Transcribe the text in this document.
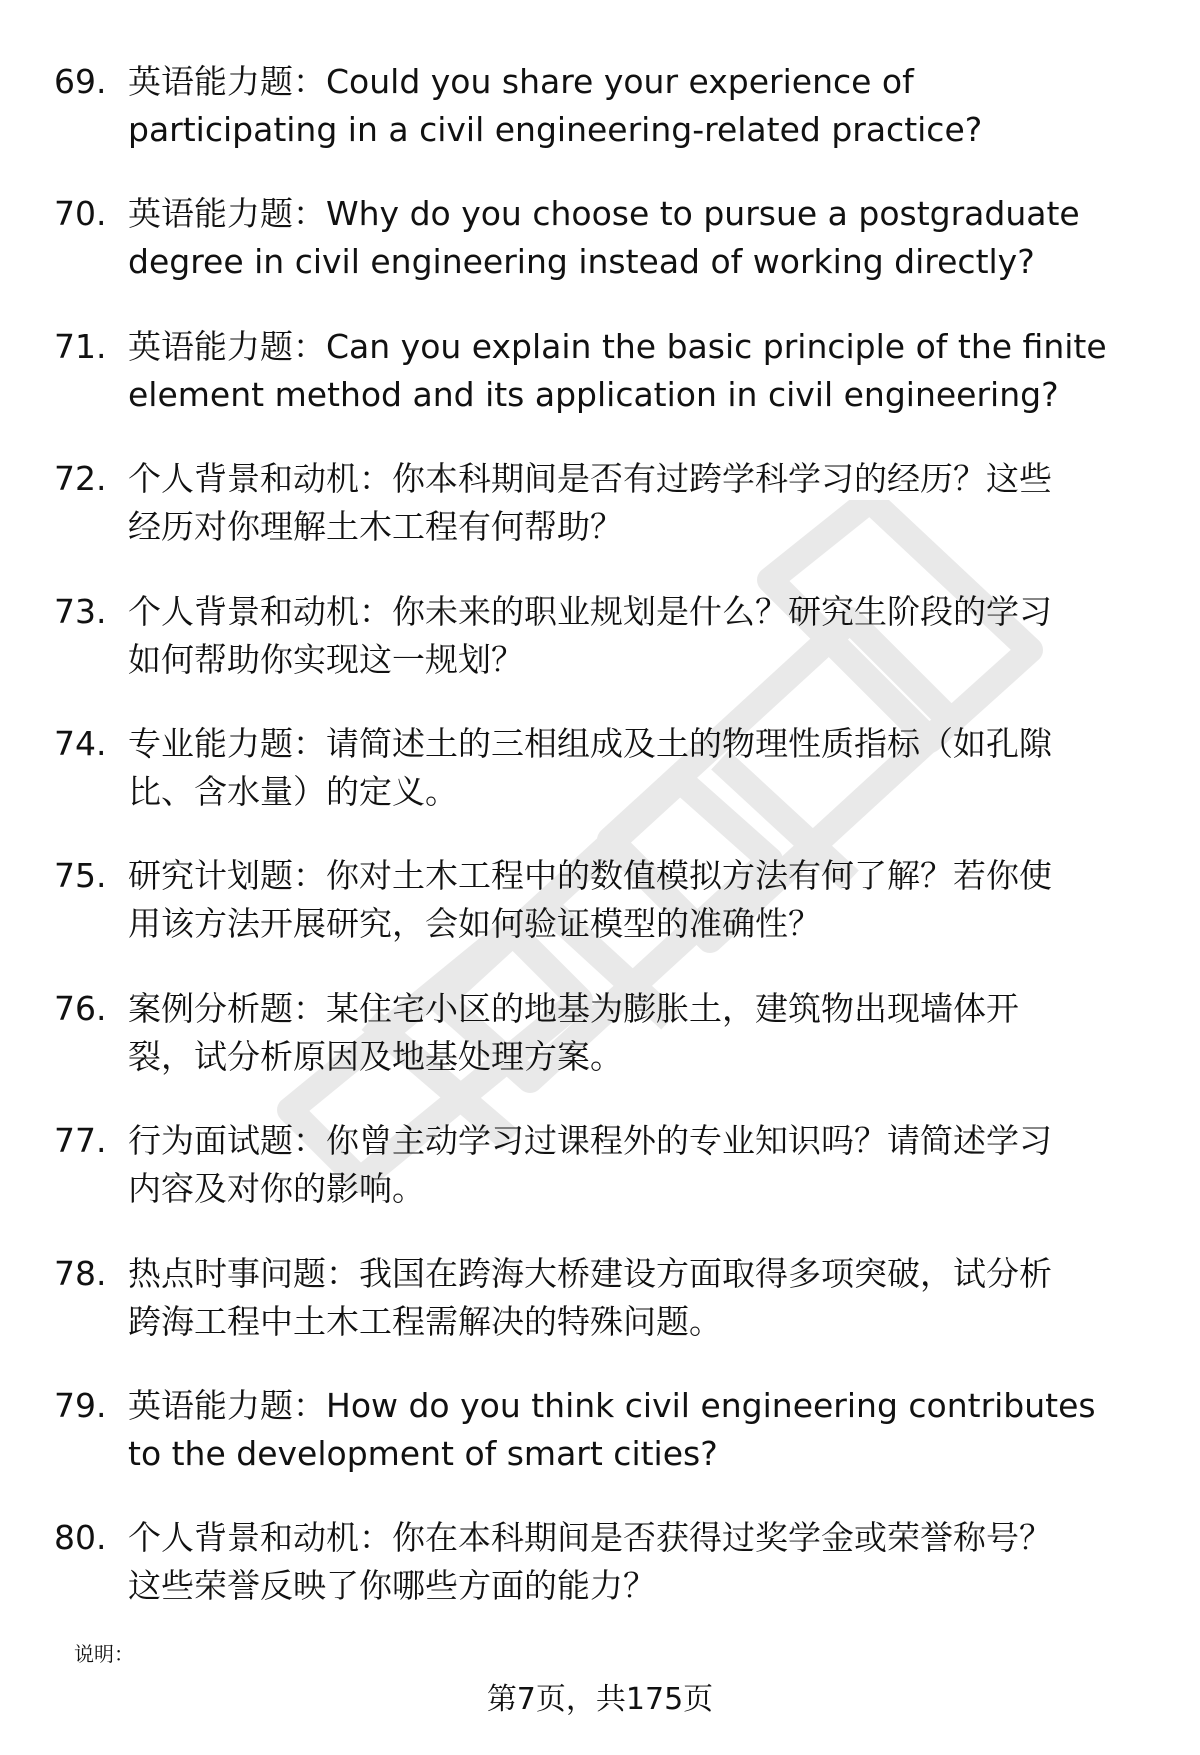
69. 英语能力题：Could you share your experience of
participating in a civil engineering-related practice?
70. 英语能力题：Why do you choose to pursue a postgraduate
degree in civil engineering instead of working directly?
71. 英语能力题：Can you explain the basic principle of the finite
element method and its application in civil engineering?
72. 个人背景和动机：你本科期间是否有过跨学科学习的经历？这些
经历对你理解土木工程有何帮助？
73. 个人背景和动机：你未来的职业规划是什么？研究生阶段的学习
如何帮助你实现这一规划？
74. 专业能力题：请简述土的三相组成及土的物理性质指标（如孔隙
比、含水量）的定义。
75. 研究计划题：你对土木工程中的数值模拟方法有何了解？若你使
用该方法开展研究，会如何验证模型的准确性？
76. 案例分析题：某住宅小区的地基为膨胀土，建筑物出现墙体开
裂，试分析原因及地基处理方案。
77. 行为面试题：你曾主动学习过课程外的专业知识吗？请简述学习
内容及对你的影响。
78. 热点时事问题：我国在跨海大桥建设方面取得多项突破，试分析
跨海工程中土木工程需解决的特殊问题。
79. 英语能力题：How do you think civil engineering contributes
to the development of smart cities?
80. 个人背景和动机：你在本科期间是否获得过奖学金或荣誉称号？
这些荣誉反映了你哪些方面的能力？
说明：
第7页，共175页
